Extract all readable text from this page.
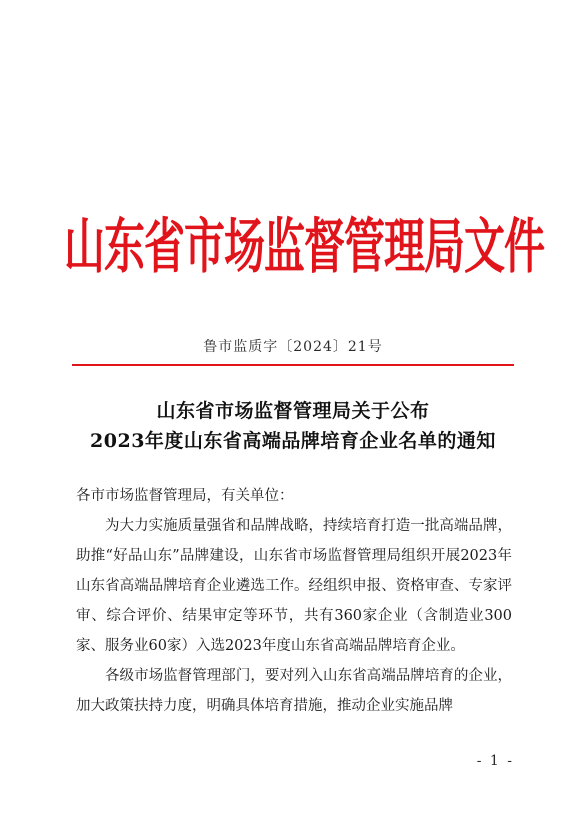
山东省市场监督管理局文件
鲁市监质字〔2024〕21号
山东省市场监督管理局关于公布
2023年度山东省高端品牌培育企业名单的通知

各市市场监督管理局，有关单位：

为大力实施质量强省和品牌战略，持续培育打造一批高端品牌，助推“好品山东”品牌建设，山东省市场监督管理局组织开展2023年山东省高端品牌培育企业遴选工作。经组织申报、资格审查、专家评审、综合评价、结果审定等环节，共有360家企业（含制造业300家、服务业60家）入选2023年度山东省高端品牌培育企业。

各级市场监督管理部门，要对列入山东省高端品牌培育的企业，加大政策扶持力度，明确具体培育措施，推动企业实施品牌

- 1 -
